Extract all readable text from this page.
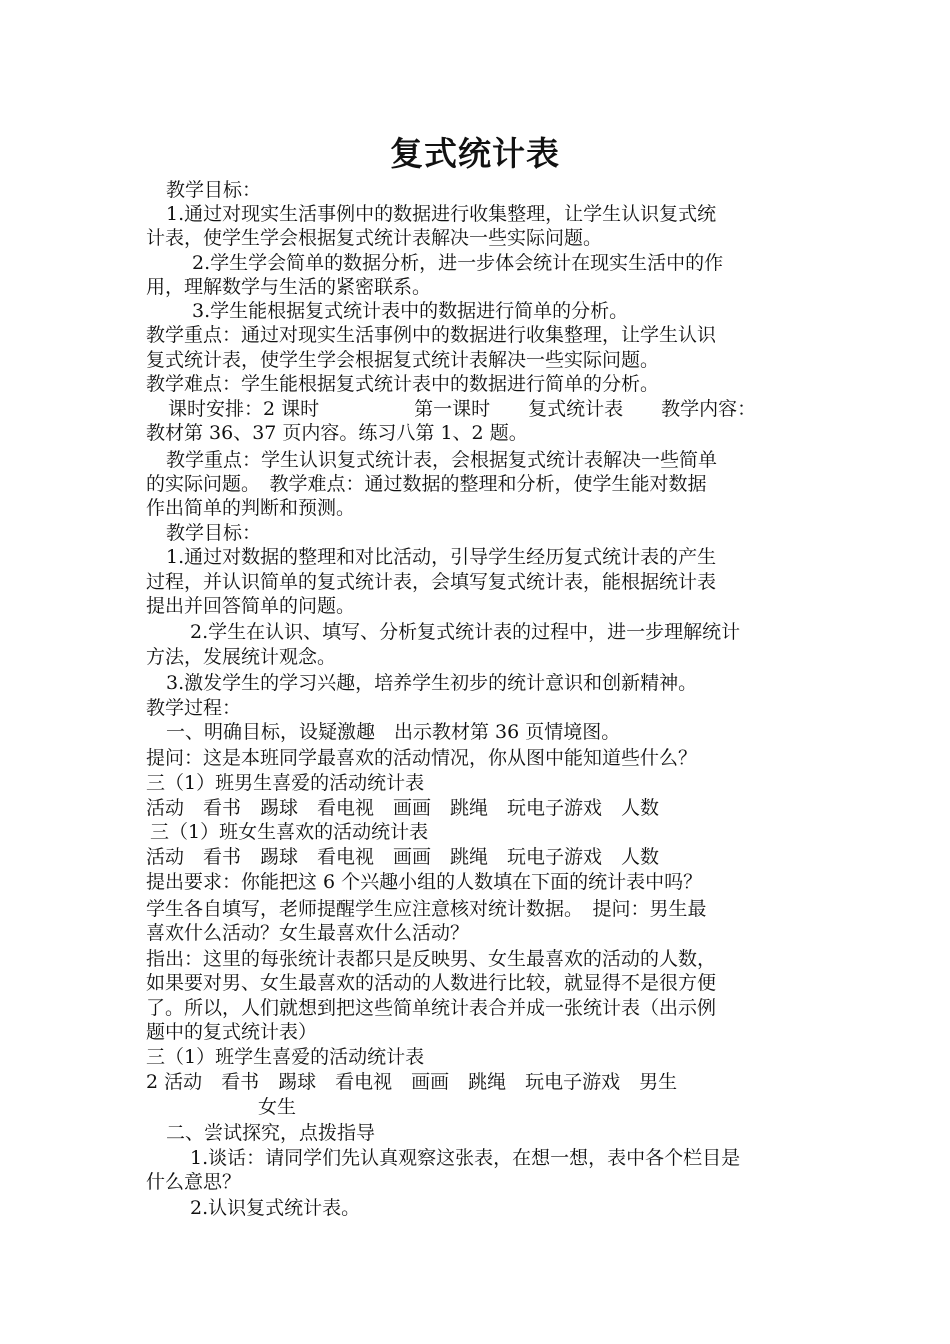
复式统计表
教学目标：
1.通过对现实生活事例中的数据进行收集整理，让学生认识复式统
计表，使学生学会根据复式统计表解决一些实际问题。
2.学生学会简单的数据分析，进一步体会统计在现实生活中的作
用，理解数学与生活的紧密联系。
3.学生能根据复式统计表中的数据进行简单的分析。
教学重点：通过对现实生活事例中的数据进行收集整理，让学生认识
复式统计表，使学生学会根据复式统计表解决一些实际问题。
教学难点：学生能根据复式统计表中的数据进行简单的分析。
课时安排：2 课时　　　　　第一课时　　复式统计表　　教学内容：
教材第 36、37 页内容。练习八第 1、2 题。
教学重点：学生认识复式统计表，会根据复式统计表解决一些简单
的实际问题。　教学难点：通过数据的整理和分析，使学生能对数据
作出简单的判断和预测。
教学目标：
1.通过对数据的整理和对比活动，引导学生经历复式统计表的产生
过程，并认识简单的复式统计表，会填写复式统计表，能根据统计表
提出并回答简单的问题。
2.学生在认识、填写、分析复式统计表的过程中，进一步理解统计
方法，发展统计观念。
3.激发学生的学习兴趣，培养学生初步的统计意识和创新精神。
教学过程：
一、明确目标，设疑激趣　出示教材第 36 页情境图。
提问：这是本班同学最喜欢的活动情况，你从图中能知道些什么？
三（1）班男生喜爱的活动统计表
活动　看书　踢球　看电视　画画　跳绳　玩电子游戏　人数
三（1）班女生喜欢的活动统计表
活动　看书　踢球　看电视　画画　跳绳　玩电子游戏　人数
提出要求：你能把这 6 个兴趣小组的人数填在下面的统计表中吗？
学生各自填写，老师提醒学生应注意核对统计数据。　提问：男生最
喜欢什么活动？女生最喜欢什么活动？
指出：这里的每张统计表都只是反映男、女生最喜欢的活动的人数，
如果要对男、女生最喜欢的活动的人数进行比较，就显得不是很方便
了。所以，人们就想到把这些简单统计表合并成一张统计表（出示例
题中的复式统计表）
三（1）班学生喜爱的活动统计表
2 活动　看书　踢球　看电视　画画　跳绳　玩电子游戏　男生
女生
二、尝试探究，点拨指导
1.谈话：请同学们先认真观察这张表，在想一想，表中各个栏目是
什么意思？
2.认识复式统计表。
